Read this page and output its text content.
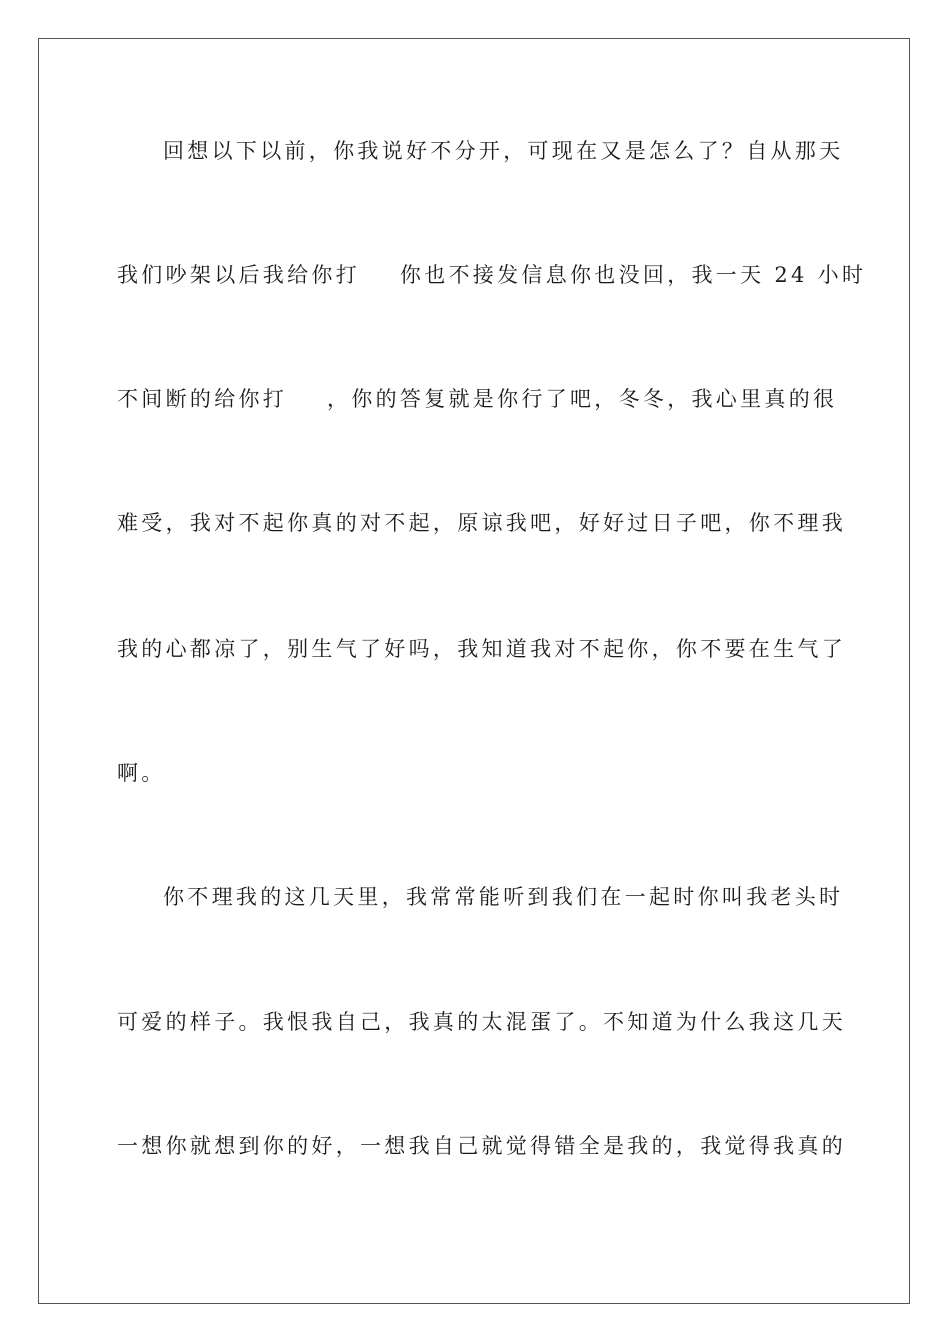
回想以下以前，你我说好不分开，可现在又是怎么了？自从那天
我们吵架以后我给你打    你也不接发信息你也没回，我一天 24 小时
不间断的给你打    ，你的答复就是你行了吧，冬冬，我心里真的很
难受，我对不起你真的对不起，原谅我吧，好好过日子吧，你不理我
我的心都凉了，别生气了好吗，我知道我对不起你，你不要在生气了
啊。
你不理我的这几天里，我常常能听到我们在一起时你叫我老头时
可爱的样子。我恨我自己，我真的太混蛋了。不知道为什么我这几天
一想你就想到你的好，一想我自己就觉得错全是我的，我觉得我真的
